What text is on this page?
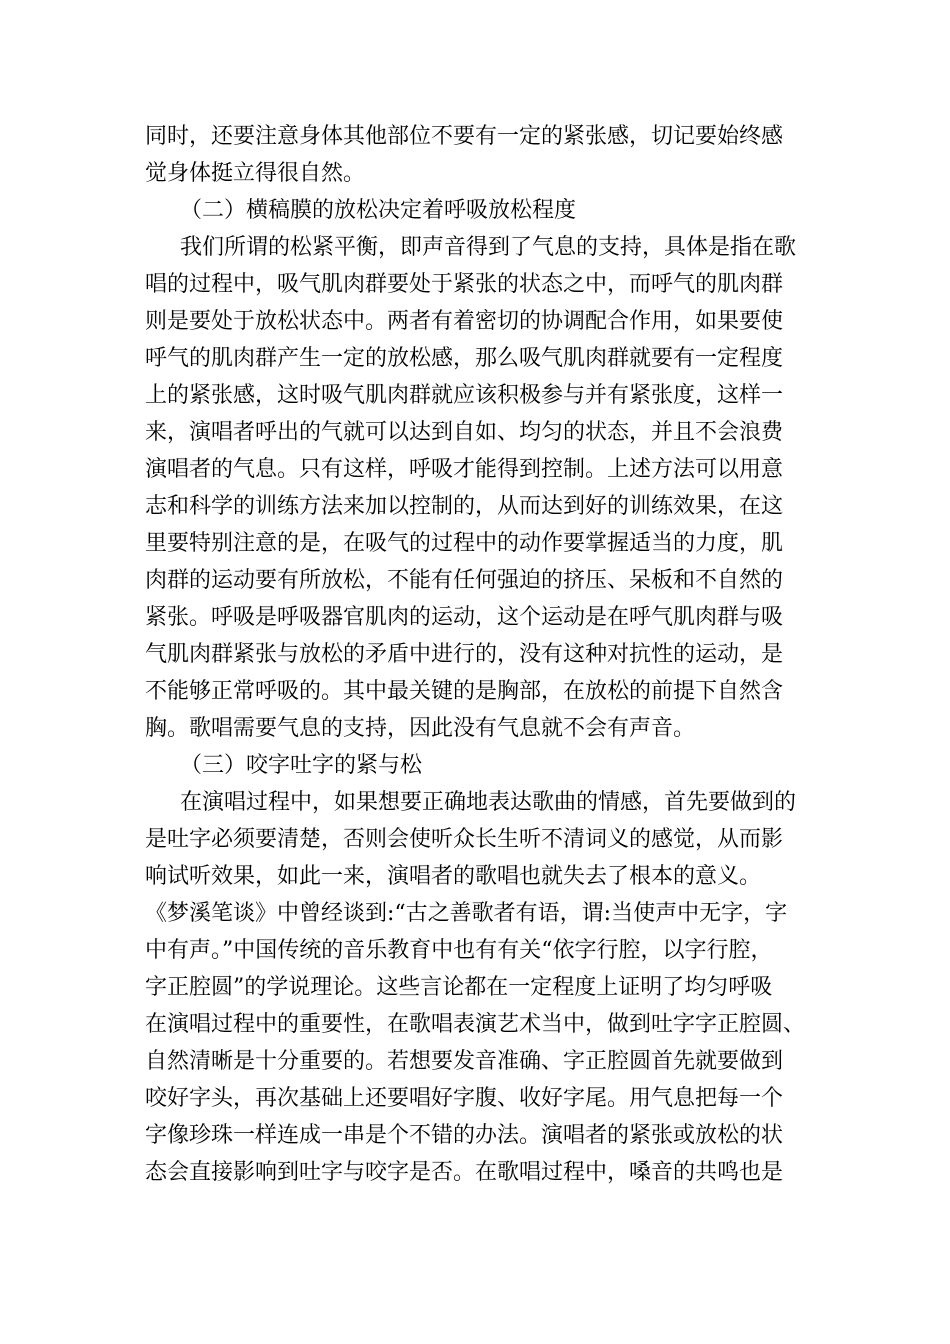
同时，还要注意身体其他部位不要有一定的紧张感，切记要始终感
觉身体挺立得很自然。
（二）横稿膜的放松决定着呼吸放松程度
我们所谓的松紧平衡，即声音得到了气息的支持，具体是指在歌
唱的过程中，吸气肌肉群要处于紧张的状态之中，而呼气的肌肉群
则是要处于放松状态中。两者有着密切的协调配合作用，如果要使
呼气的肌肉群产生一定的放松感，那么吸气肌肉群就要有一定程度
上的紧张感，这时吸气肌肉群就应该积极参与并有紧张度，这样一
来，演唱者呼出的气就可以达到自如、均匀的状态，并且不会浪费
演唱者的气息。只有这样，呼吸才能得到控制。上述方法可以用意
志和科学的训练方法来加以控制的，从而达到好的训练效果，在这
里要特别注意的是，在吸气的过程中的动作要掌握适当的力度，肌
肉群的运动要有所放松，不能有任何强迫的挤压、呆板和不自然的
紧张。呼吸是呼吸器官肌肉的运动，这个运动是在呼气肌肉群与吸
气肌肉群紧张与放松的矛盾中进行的，没有这种对抗性的运动，是
不能够正常呼吸的。其中最关键的是胸部，在放松的前提下自然含
胸。歌唱需要气息的支持，因此没有气息就不会有声音。
（三）咬字吐字的紧与松
在演唱过程中，如果想要正确地表达歌曲的情感，首先要做到的
是吐字必须要清楚，否则会使听众长生听不清词义的感觉，从而影
响试听效果，如此一来，演唱者的歌唱也就失去了根本的意义。
《梦溪笔谈》中曾经谈到:“古之善歌者有语，谓:当使声中无字，字
中有声。”中国传统的音乐教育中也有有关“依字行腔，以字行腔，
字正腔圆”的学说理论。这些言论都在一定程度上证明了均匀呼吸
在演唱过程中的重要性，在歌唱表演艺术当中，做到吐字字正腔圆、
自然清晰是十分重要的。若想要发音准确、字正腔圆首先就要做到
咬好字头，再次基础上还要唱好字腹、收好字尾。用气息把每一个
字像珍珠一样连成一串是个不错的办法。演唱者的紧张或放松的状
态会直接影响到吐字与咬字是否。在歌唱过程中，嗓音的共鸣也是
